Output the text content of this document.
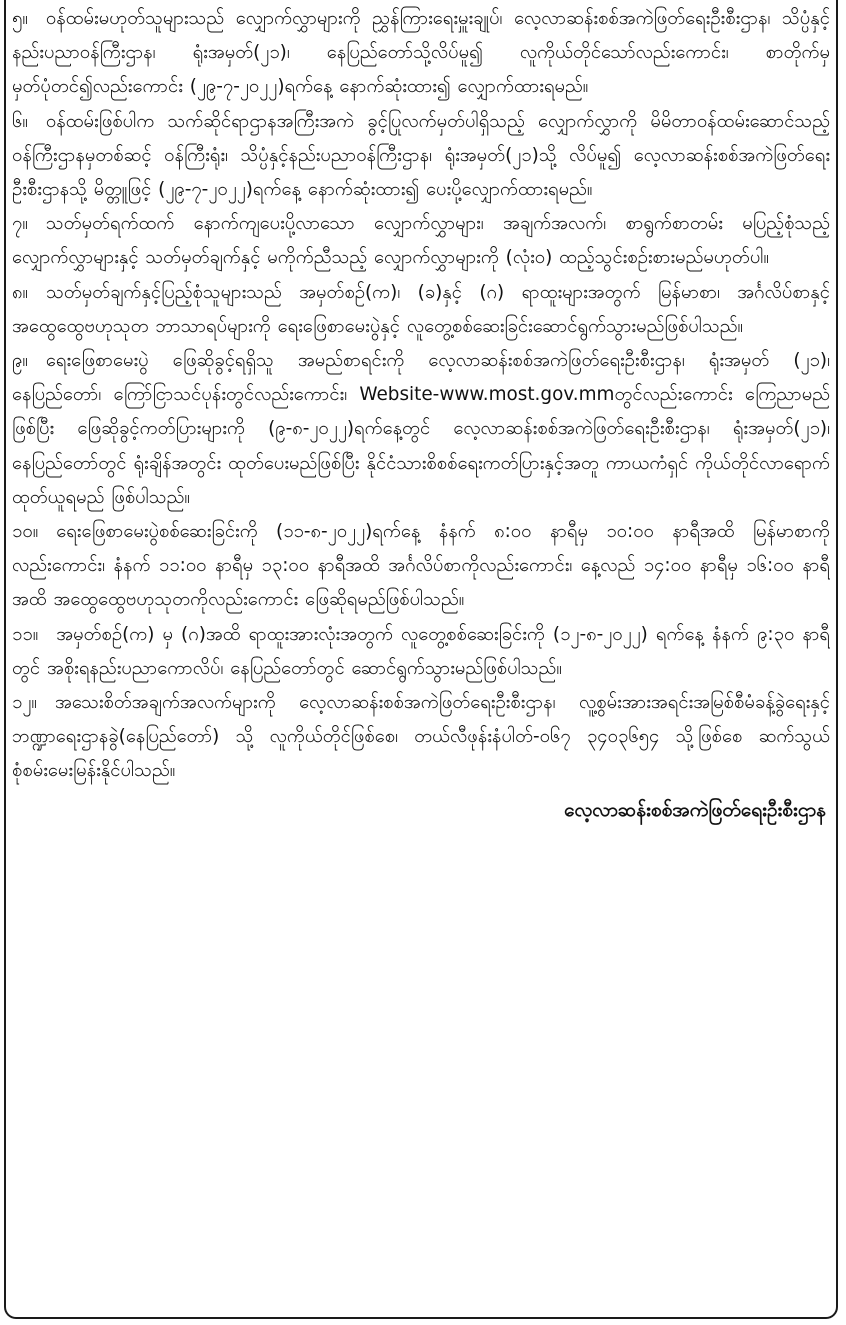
၅။ ဝန်ထမ်းမဟုတ်သူများသည် လျှောက်လွှာများကို ညွှန်ကြားရေးမှူးချုပ်၊ လေ့လာဆန်းစစ်အကဲဖြတ်ရေးဦးစီးဌာန၊ သိပ္ပံနှင့်နည်းပညာဝန်ကြီးဌာန၊ ရုံးအမှတ်(၂၁)၊ နေပြည်တော်သို့လိပ်မူ၍ လူကိုယ်တိုင်သော်လည်းကောင်း၊ စာတိုက်မှ မှတ်ပုံတင်၍လည်းကောင်း (၂၉-၇-၂၀၂၂)ရက်နေ့ နောက်ဆုံးထား၍ လျှောက်ထားရမည်။

၆။ ဝန်ထမ်းဖြစ်ပါက သက်ဆိုင်ရာဌာနအကြီးအကဲ ခွင့်ပြုလက်မှတ်ပါရှိသည့် လျှောက်လွှာကို မိမိတာဝန်ထမ်းဆောင်သည့် ဝန်ကြီးဌာနမှတစ်ဆင့် ဝန်ကြီးရုံး၊ သိပ္ပံနှင့်နည်းပညာဝန်ကြီးဌာန၊ ရုံးအမှတ်(၂၁)သို့ လိပ်မူ၍ လေ့လာဆန်းစစ်အကဲဖြတ်ရေးဦးစီးဌာနသို့ မိတ္တူဖြင့် (၂၉-၇-၂၀၂၂)ရက်နေ့ နောက်ဆုံးထား၍ ပေးပို့လျှောက်ထားရမည်။

၇။ သတ်မှတ်ရက်ထက် နောက်ကျပေးပို့လာသော လျှောက်လွှာများ၊ အချက်အလက်၊ စာရွက်စာတမ်း မပြည့်စုံသည့် လျှောက်လွှာများနှင့် သတ်မှတ်ချက်နှင့် မကိုက်ညီသည့် လျှောက်လွှာများကို (လုံးဝ) ထည့်သွင်းစဉ်းစားမည်မဟုတ်ပါ။

၈။ သတ်မှတ်ချက်နှင့်ပြည့်စုံသူများသည် အမှတ်စဉ်(က)၊ (ခ)နှင့် (ဂ) ရာထူးများအတွက် မြန်မာစာ၊ အင်္ဂလိပ်စာနှင့် အထွေထွေဗဟုသုတ ဘာသာရပ်များကို ရေးဖြေစာမေးပွဲနှင့် လူတွေ့စစ်ဆေးခြင်းဆောင်ရွက်သွားမည်ဖြစ်ပါသည်။

၉။ ရေးဖြေစာမေးပွဲ ဖြေဆိုခွင့်ရရှိသူ အမည်စာရင်းကို လေ့လာဆန်းစစ်အကဲဖြတ်ရေးဦးစီးဌာန၊ ရုံးအမှတ် (၂၁)၊ နေပြည်တော်၊ ကြော်ငြာသင်ပုန်းတွင်လည်းကောင်း၊ Website-www.most.gov.mmတွင်လည်းကောင်း ကြေညာမည်ဖြစ်ပြီး ဖြေဆိုခွင့်ကတ်ပြားများကို (၉-၈-၂၀၂၂)ရက်နေ့တွင် လေ့လာဆန်းစစ်အကဲဖြတ်ရေးဦးစီးဌာန၊ ရုံးအမှတ်(၂၁)၊ နေပြည်တော်တွင် ရုံးချိန်အတွင်း ထုတ်ပေးမည်ဖြစ်ပြီး နိုင်ငံသားစိစစ်ရေးကတ်ပြားနှင့်အတူ ကာယကံရှင် ကိုယ်တိုင်လာရောက်ထုတ်ယူရမည် ဖြစ်ပါသည်။

၁၀။ ရေးဖြေစာမေးပွဲစစ်ဆေးခြင်းကို (၁၁-၈-၂၀၂၂)ရက်နေ့ နံနက် ၈:၀၀ နာရီမှ ၁၀:၀၀ နာရီအထိ မြန်မာစာကို လည်းကောင်း၊ နံနက် ၁၁:၀၀ နာရီမှ ၁၃:၀၀ နာရီအထိ အင်္ဂလိပ်စာကိုလည်းကောင်း၊ နေ့လည် ၁၄:၀၀ နာရီမှ ၁၆:၀၀ နာရီအထိ အထွေထွေဗဟုသုတကိုလည်းကောင်း ဖြေဆိုရမည်ဖြစ်ပါသည်။

၁၁။ အမှတ်စဉ်(က) မှ (ဂ)အထိ ရာထူးအားလုံးအတွက် လူတွေ့စစ်ဆေးခြင်းကို (၁၂-၈-၂၀၂၂) ရက်နေ့ နံနက် ၉:၃၀ နာရီတွင် အစိုးရနည်းပညာကောလိပ်၊ နေပြည်တော်တွင် ဆောင်ရွက်သွားမည်ဖြစ်ပါသည်။

၁၂။ အသေးစိတ်အချက်အလက်များကို လေ့လာဆန်းစစ်အကဲဖြတ်ရေးဦးစီးဌာန၊ လူ့စွမ်းအားအရင်းအမြစ်စီမံခန့်ခွဲရေးနှင့် ဘဏ္ဍာရေးဌာနခွဲ(နေပြည်တော်) သို့ လူကိုယ်တိုင်ဖြစ်စေ၊ တယ်လီဖုန်းနံပါတ်-၀၆၇ ၃၄၀၃၆၅၄ သို့ဖြစ်စေ ဆက်သွယ်စုံစမ်းမေးမြန်းနိုင်ပါသည်။

လေ့လာဆန်းစစ်အကဲဖြတ်ရေးဦးစီးဌာန
